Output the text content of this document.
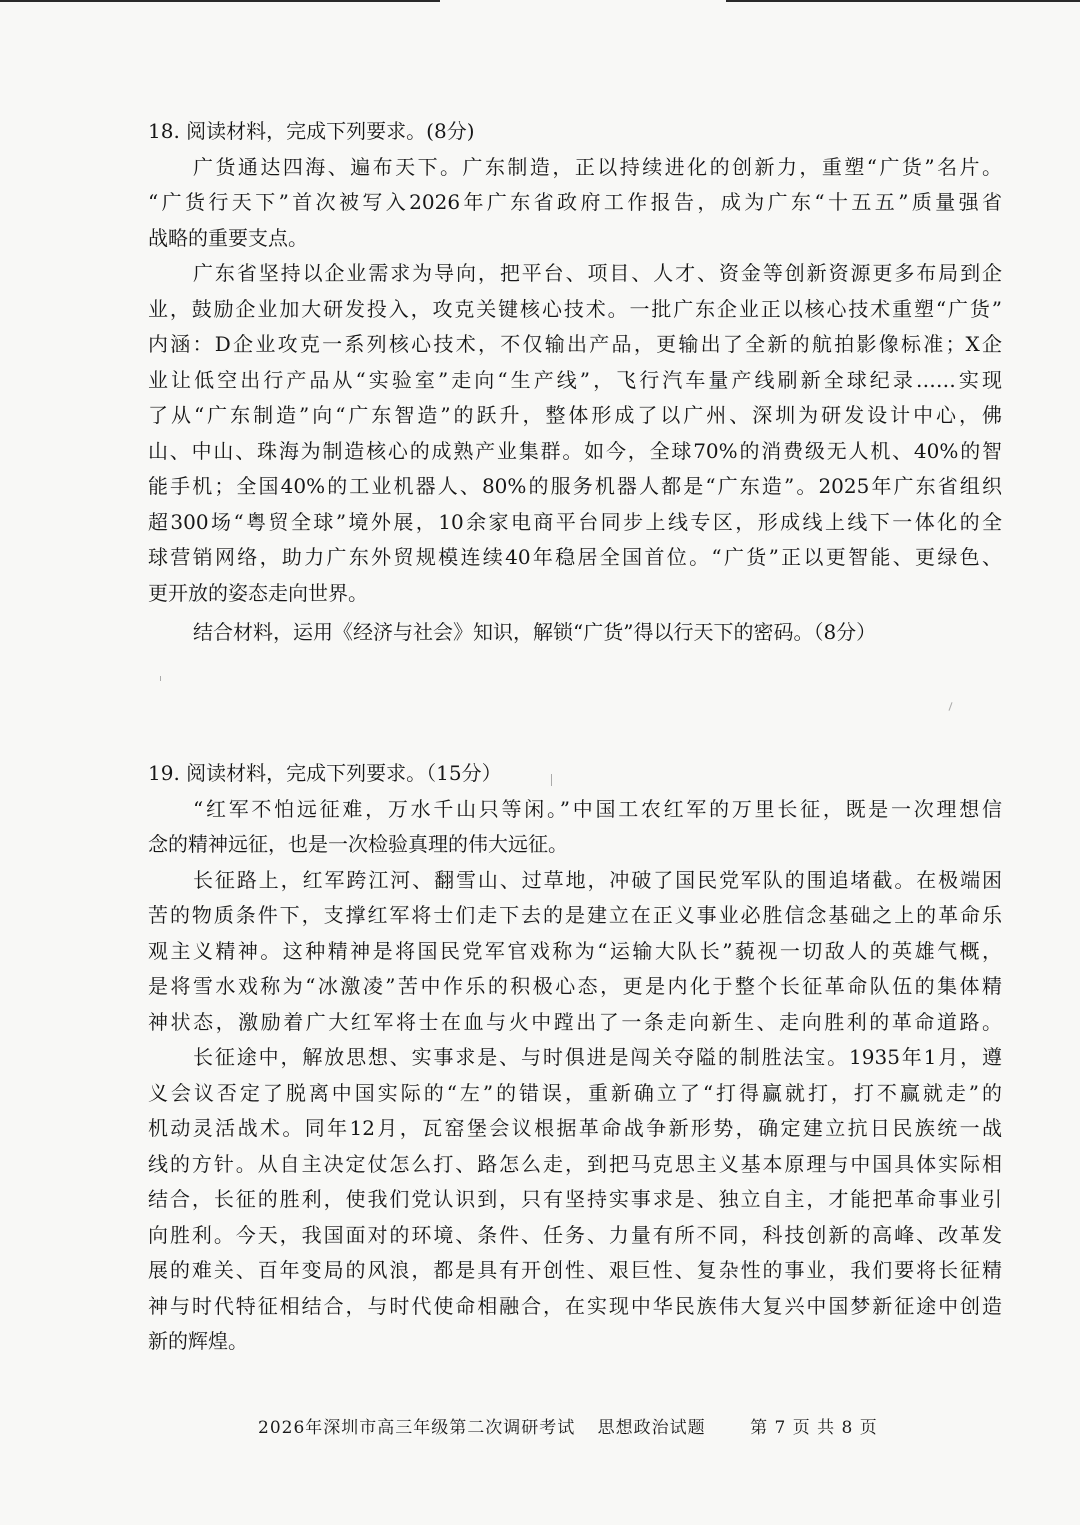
18. 阅读材料，完成下列要求。(8分)
广货通达四海、遍布天下。广东制造，正以持续进化的创新力，重塑“广货”名片。
“广货行天下”首次被写入2026年广东省政府工作报告，成为广东“十五五”质量强省
战略的重要支点。
广东省坚持以企业需求为导向，把平台、项目、人才、资金等创新资源更多布局到企
业，鼓励企业加大研发投入，攻克关键核心技术。一批广东企业正以核心技术重塑“广货”
内涵：D企业攻克一系列核心技术，不仅输出产品，更输出了全新的航拍影像标准；X企
业让低空出行产品从“实验室”走向“生产线”，飞行汽车量产线刷新全球纪录……实现
了从“广东制造”向“广东智造”的跃升，整体形成了以广州、深圳为研发设计中心，佛
山、中山、珠海为制造核心的成熟产业集群。如今，全球70%的消费级无人机、40%的智
能手机；全国40%的工业机器人、80%的服务机器人都是“广东造”。2025年广东省组织
超300场“粤贸全球”境外展，10余家电商平台同步上线专区，形成线上线下一体化的全
球营销网络，助力广东外贸规模连续40年稳居全国首位。“广货”正以更智能、更绿色、
更开放的姿态走向世界。
结合材料，运用《经济与社会》知识，解锁“广货”得以行天下的密码。（8分）
19. 阅读材料，完成下列要求。（15分）
“红军不怕远征难，万水千山只等闲。”中国工农红军的万里长征，既是一次理想信
念的精神远征，也是一次检验真理的伟大远征。
长征路上，红军跨江河、翻雪山、过草地，冲破了国民党军队的围追堵截。在极端困
苦的物质条件下，支撑红军将士们走下去的是建立在正义事业必胜信念基础之上的革命乐
观主义精神。这种精神是将国民党军官戏称为“运输大队长”藐视一切敌人的英雄气概，
是将雪水戏称为“冰激凌”苦中作乐的积极心态，更是内化于整个长征革命队伍的集体精
神状态，激励着广大红军将士在血与火中蹚出了一条走向新生、走向胜利的革命道路。
长征途中，解放思想、实事求是、与时俱进是闯关夺隘的制胜法宝。1935年1月，遵
义会议否定了脱离中国实际的“左”的错误，重新确立了“打得赢就打，打不赢就走”的
机动灵活战术。同年12月，瓦窑堡会议根据革命战争新形势，确定建立抗日民族统一战
线的方针。从自主决定仗怎么打、路怎么走，到把马克思主义基本原理与中国具体实际相
结合，长征的胜利，使我们党认识到，只有坚持实事求是、独立自主，才能把革命事业引
向胜利。今天，我国面对的环境、条件、任务、力量有所不同，科技创新的高峰、改革发
展的难关、百年变局的风浪，都是具有开创性、艰巨性、复杂性的事业，我们要将长征精
神与时代特征相结合，与时代使命相融合，在实现中华民族伟大复兴中国梦新征途中创造
新的辉煌。
2026年深圳市高三年级第二次调研考试 思想政治试题	第 7 页 共 8 页
